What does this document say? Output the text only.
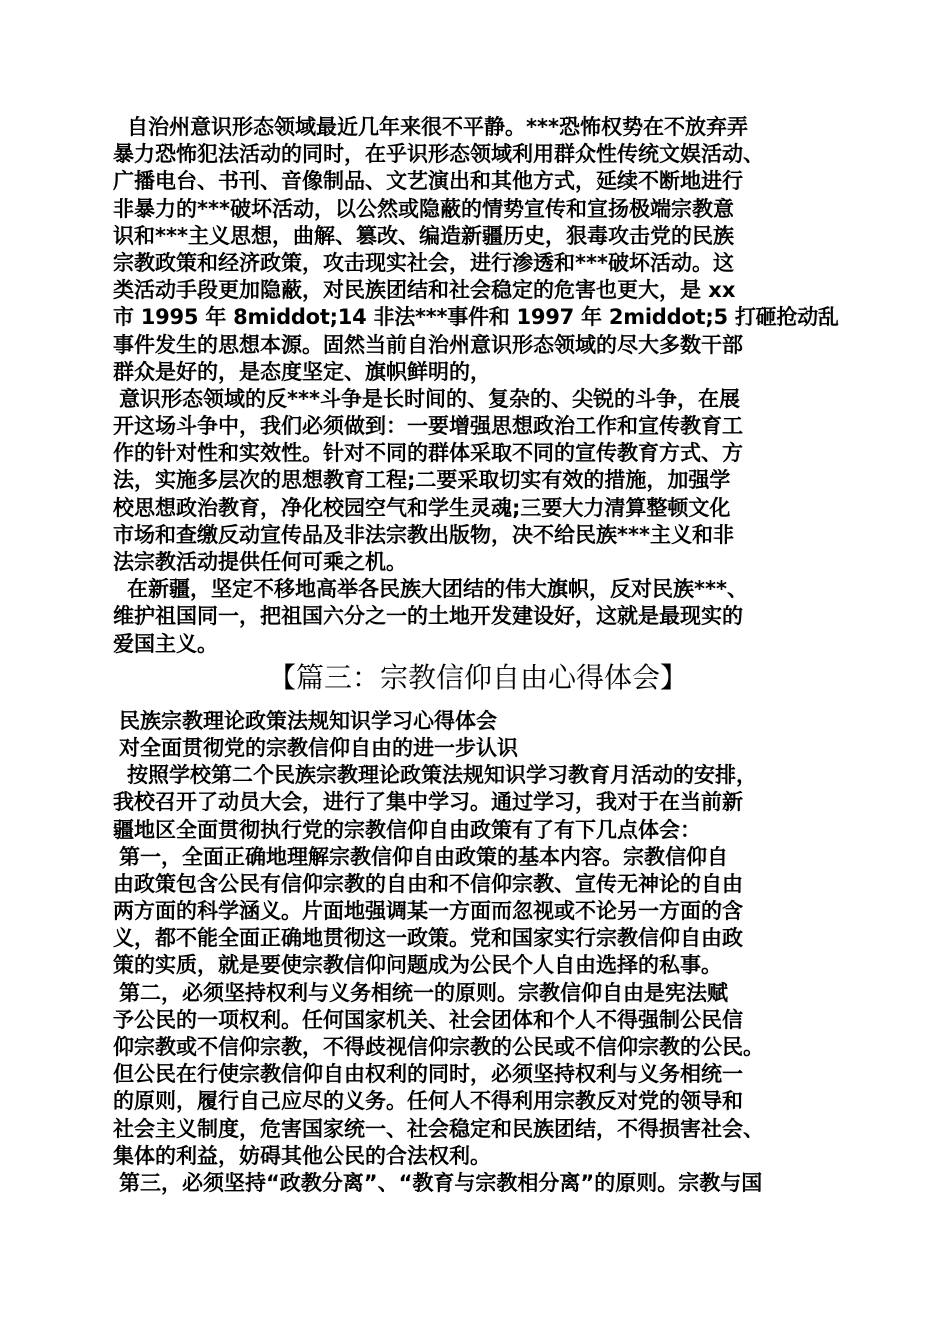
自治州意识形态领域最近几年来很不平静。***恐怖权势在不放弃弄
暴力恐怖犯法活动的同时，在乎识形态领域利用群众性传统文娱活动、
广播电台、书刊、音像制品、文艺演出和其他方式，延续不断地进行
非暴力的***破坏活动，以公然或隐蔽的情势宣传和宣扬极端宗教意
识和***主义思想，曲解、篡改、编造新疆历史，狠毒攻击党的民族
宗教政策和经济政策，攻击现实社会，进行渗透和***破坏活动。这
类活动手段更加隐蔽，对民族团结和社会稳定的危害也更大，是 xx
市 1995 年 8middot;14 非法***事件和 1997 年 2middot;5 打砸抢动乱
事件发生的思想本源。固然当前自治州意识形态领域的尽大多数干部
群众是好的，是态度坚定、旗帜鲜明的，
意识形态领域的反***斗争是长时间的、复杂的、尖锐的斗争，在展
开这场斗争中，我们必须做到：一要增强思想政治工作和宣传教育工
作的针对性和实效性。针对不同的群体采取不同的宣传教育方式、方
法，实施多层次的思想教育工程;二要采取切实有效的措施，加强学
校思想政治教育，净化校园空气和学生灵魂;三要大力清算整顿文化
市场和查缴反动宣传品及非法宗教出版物，决不给民族***主义和非
法宗教活动提供任何可乘之机。
在新疆，坚定不移地高举各民族大团结的伟大旗帜，反对民族***、
维护祖国同一，把祖国六分之一的土地开发建设好，这就是最现实的
爱国主义。
【篇三：宗教信仰自由心得体会】
民族宗教理论政策法规知识学习心得体会
对全面贯彻党的宗教信仰自由的进一步认识
按照学校第二个民族宗教理论政策法规知识学习教育月活动的安排，
我校召开了动员大会，进行了集中学习。通过学习，我对于在当前新
疆地区全面贯彻执行党的宗教信仰自由政策有了有下几点体会：
第一，全面正确地理解宗教信仰自由政策的基本内容。宗教信仰自
由政策包含公民有信仰宗教的自由和不信仰宗教、宣传无神论的自由
两方面的科学涵义。片面地强调某一方面而忽视或不论另一方面的含
义，都不能全面正确地贯彻这一政策。党和国家实行宗教信仰自由政
策的实质，就是要使宗教信仰问题成为公民个人自由选择的私事。
第二，必须坚持权利与义务相统一的原则。宗教信仰自由是宪法赋
予公民的一项权利。任何国家机关、社会团体和个人不得强制公民信
仰宗教或不信仰宗教，不得歧视信仰宗教的公民或不信仰宗教的公民。
但公民在行使宗教信仰自由权利的同时，必须坚持权利与义务相统一
的原则，履行自己应尽的义务。任何人不得利用宗教反对党的领导和
社会主义制度，危害国家统一、社会稳定和民族团结，不得损害社会、
集体的利益，妨碍其他公民的合法权利。
第三，必须坚持“政教分离”、“教育与宗教相分离”的原则。宗教与国
